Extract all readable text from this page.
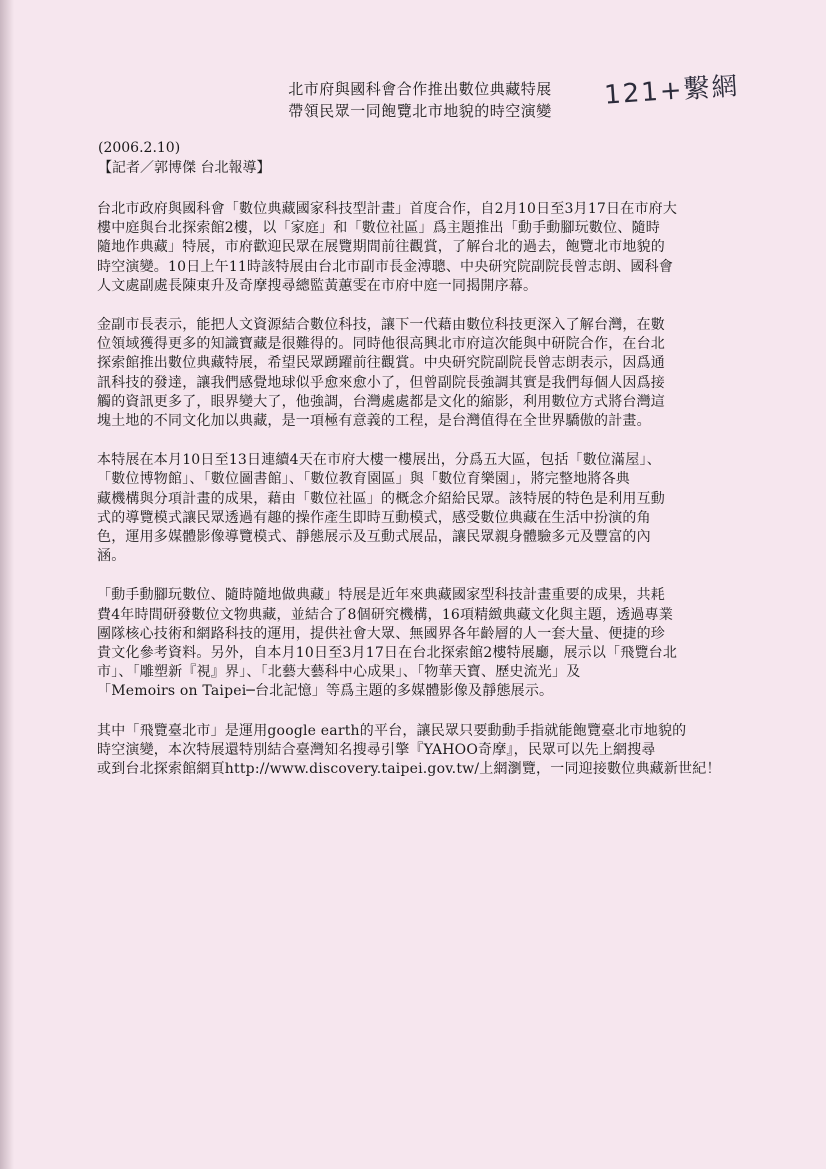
北市府與國科會合作推出數位典藏特展
帶領民眾一同飽覽北市地貌的時空演變
121+繫網
(2006.2.10)
【記者／郭博傑 台北報導】

台北市政府與國科會「數位典藏國家科技型計畫」首度合作，自2月10日至3月17日在市府大
樓中庭與台北探索館2樓，以「家庭」和「數位社區」爲主題推出「動手動腳玩數位、隨時
隨地作典藏」特展，市府歡迎民眾在展覽期間前往觀賞，了解台北的過去，飽覽北市地貌的
時空演變。10日上午11時該特展由台北市副市長金溥聰、中央研究院副院長曾志朗、國科會
人文處副處長陳東升及奇摩搜尋總監黃蕙雯在市府中庭一同揭開序幕。

金副市長表示，能把人文資源結合數位科技，讓下一代藉由數位科技更深入了解台灣，在數
位領域獲得更多的知識寶藏是很難得的。同時他很高興北市府這次能與中研院合作，在台北
探索館推出數位典藏特展，希望民眾踴躍前往觀賞。中央研究院副院長曾志朗表示，因爲通
訊科技的發達，讓我們感覺地球似乎愈來愈小了，但曾副院長強調其實是我們每個人因爲接
觸的資訊更多了，眼界變大了，他強調，台灣處處都是文化的縮影，利用數位方式將台灣這
塊土地的不同文化加以典藏，是一項極有意義的工程，是台灣值得在全世界驕傲的計畫。

本特展在本月10日至13日連續4天在市府大樓一樓展出，分爲五大區，包括「數位滿屋」、
「數位博物館」、「數位圖書館」、「數位教育園區」與「數位育樂園」，將完整地將各典
藏機構與分項計畫的成果，藉由「數位社區」的概念介紹給民眾。該特展的特色是利用互動
式的導覽模式讓民眾透過有趣的操作產生即時互動模式，感受數位典藏在生活中扮演的角
色，運用多媒體影像導覽模式、靜態展示及互動式展品，讓民眾親身體驗多元及豐富的內
涵。

「動手動腳玩數位、隨時隨地做典藏」特展是近年來典藏國家型科技計畫重要的成果，共耗
費4年時間研發數位文物典藏，並結合了8個研究機構，16項精緻典藏文化與主題，透過專業
團隊核心技術和網路科技的運用，提供社會大眾、無國界各年齡層的人一套大量、便捷的珍
貴文化參考資料。另外，自本月10日至3月17日在台北探索館2樓特展廳，展示以「飛覽台北
市」、「雕塑新『視』界」、「北藝大藝科中心成果」、「物華天寶、歷史流光」及
「Memoirs on Taipei─台北記憶」等爲主題的多媒體影像及靜態展示。

其中「飛覽臺北市」是運用google earth的平台，讓民眾只要動動手指就能飽覽臺北市地貌的
時空演變，本次特展還特別結合臺灣知名搜尋引擎『YAHOO奇摩』，民眾可以先上網搜尋
或到台北探索館網頁http://www.discovery.taipei.gov.tw/上網瀏覽，一同迎接數位典藏新世紀！
